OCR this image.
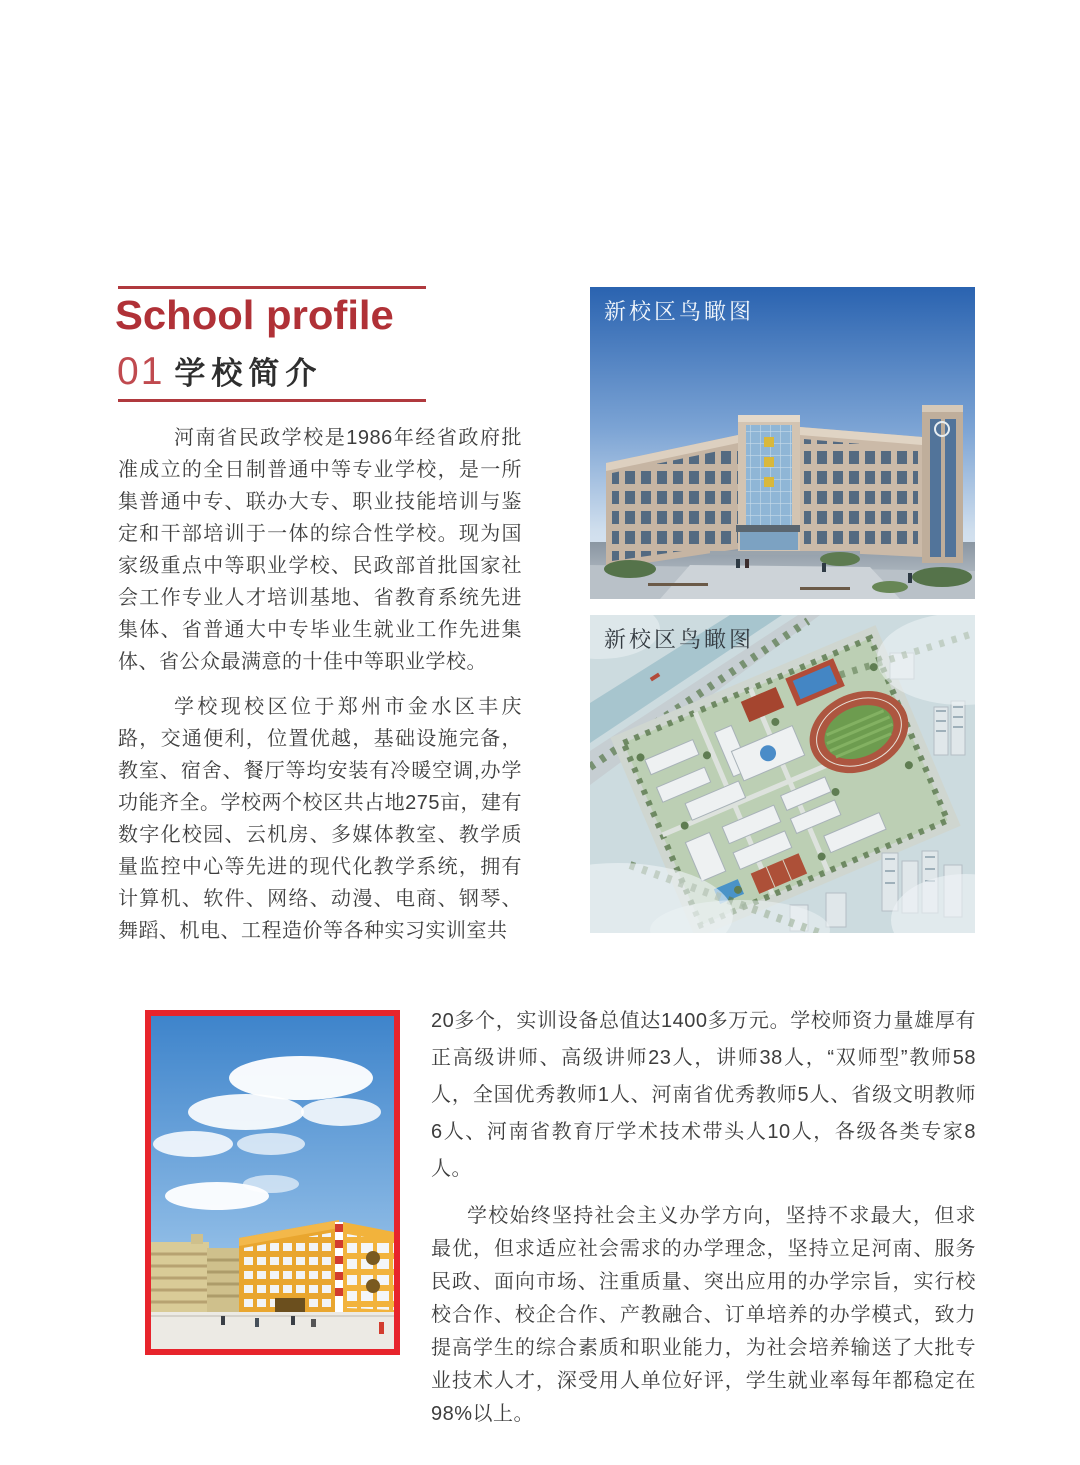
School profile
01 学校简介

河南省民政学校是1986年经省政府批准成立的全日制普通中等专业学校，是一所集普通中专、联办大专、职业技能培训与鉴定和干部培训于一体的综合性学校。现为国家级重点中等职业学校、民政部首批国家社会工作专业人才培训基地、省教育系统先进集体、省普通大中专毕业生就业工作先进集体、省公众最满意的十佳中等职业学校。

学校现校区位于郑州市金水区丰庆路，交通便利，位置优越，基础设施完备，教室、宿舍、餐厅等均安装有冷暖空调,办学功能齐全。学校两个校区共占地275亩，建有数字化校园、云机房、多媒体教室、教学质量监控中心等先进的现代化教学系统，拥有计算机、软件、网络、动漫、电商、钢琴、舞蹈、机电、工程造价等各种实习实训室共

新校区鸟瞰图
新校区鸟瞰图

20多个，实训设备总值达1400多万元。学校师资力量雄厚有正高级讲师、高级讲师23人，讲师38人，“双师型”教师58人，全国优秀教师1人、河南省优秀教师5人、省级文明教师6人、河南省教育厅学术技术带头人10人，各级各类专家8人。

学校始终坚持社会主义办学方向，坚持不求最大，但求最优，但求适应社会需求的办学理念，坚持立足河南、服务民政、面向市场、注重质量、突出应用的办学宗旨，实行校校合作、校企合作、产教融合、订单培养的办学模式，致力提高学生的综合素质和职业能力，为社会培养输送了大批专业技术人才，深受用人单位好评，学生就业率每年都稳定在98%以上。
